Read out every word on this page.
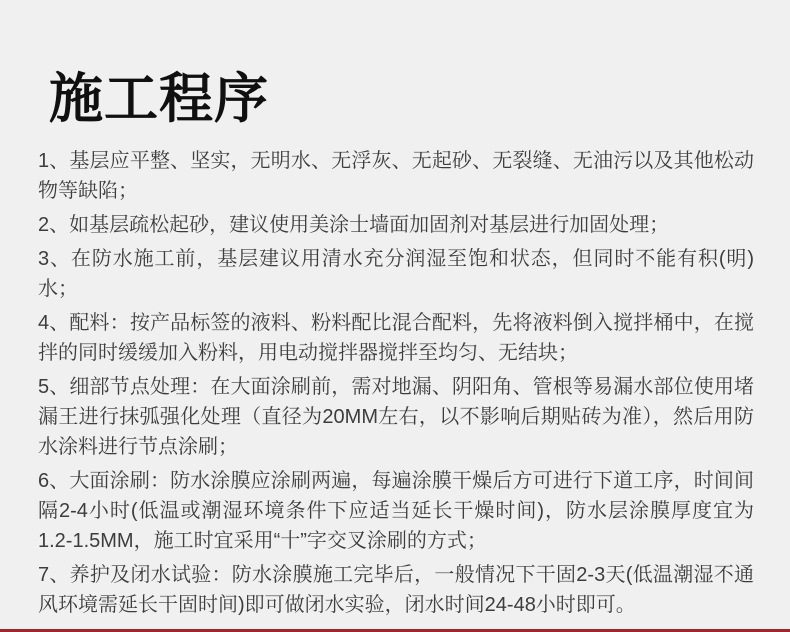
施工程序

1、基层应平整、坚实，无明水、无浮灰、无起砂、无裂缝、无油污以及其他松动物等缺陷；

2、如基层疏松起砂，建议使用美涂士墙面加固剂对基层进行加固处理；

3、在防水施工前，基层建议用清水充分润湿至饱和状态，但同时不能有积(明)水；

4、配料：按产品标签的液料、粉料配比混合配料，先将液料倒入搅拌桶中，在搅拌的同时缓缓加入粉料，用电动搅拌器搅拌至均匀、无结块；

5、细部节点处理：在大面涂刷前，需对地漏、阴阳角、管根等易漏水部位使用堵漏王进行抹弧强化处理（直径为20MM左右，以不影响后期贴砖为准），然后用防水涂料进行节点涂刷；

6、大面涂刷：防水涂膜应涂刷两遍，每遍涂膜干燥后方可进行下道工序，时间间隔2-4小时(低温或潮湿环境条件下应适当延长干燥时间)，防水层涂膜厚度宜为1.2-1.5MM，施工时宜采用“十”字交叉涂刷的方式；

7、养护及闭水试验：防水涂膜施工完毕后，一般情况下干固2-3天(低温潮湿不通风环境需延长干固时间)即可做闭水实验，闭水时间24-48小时即可。
